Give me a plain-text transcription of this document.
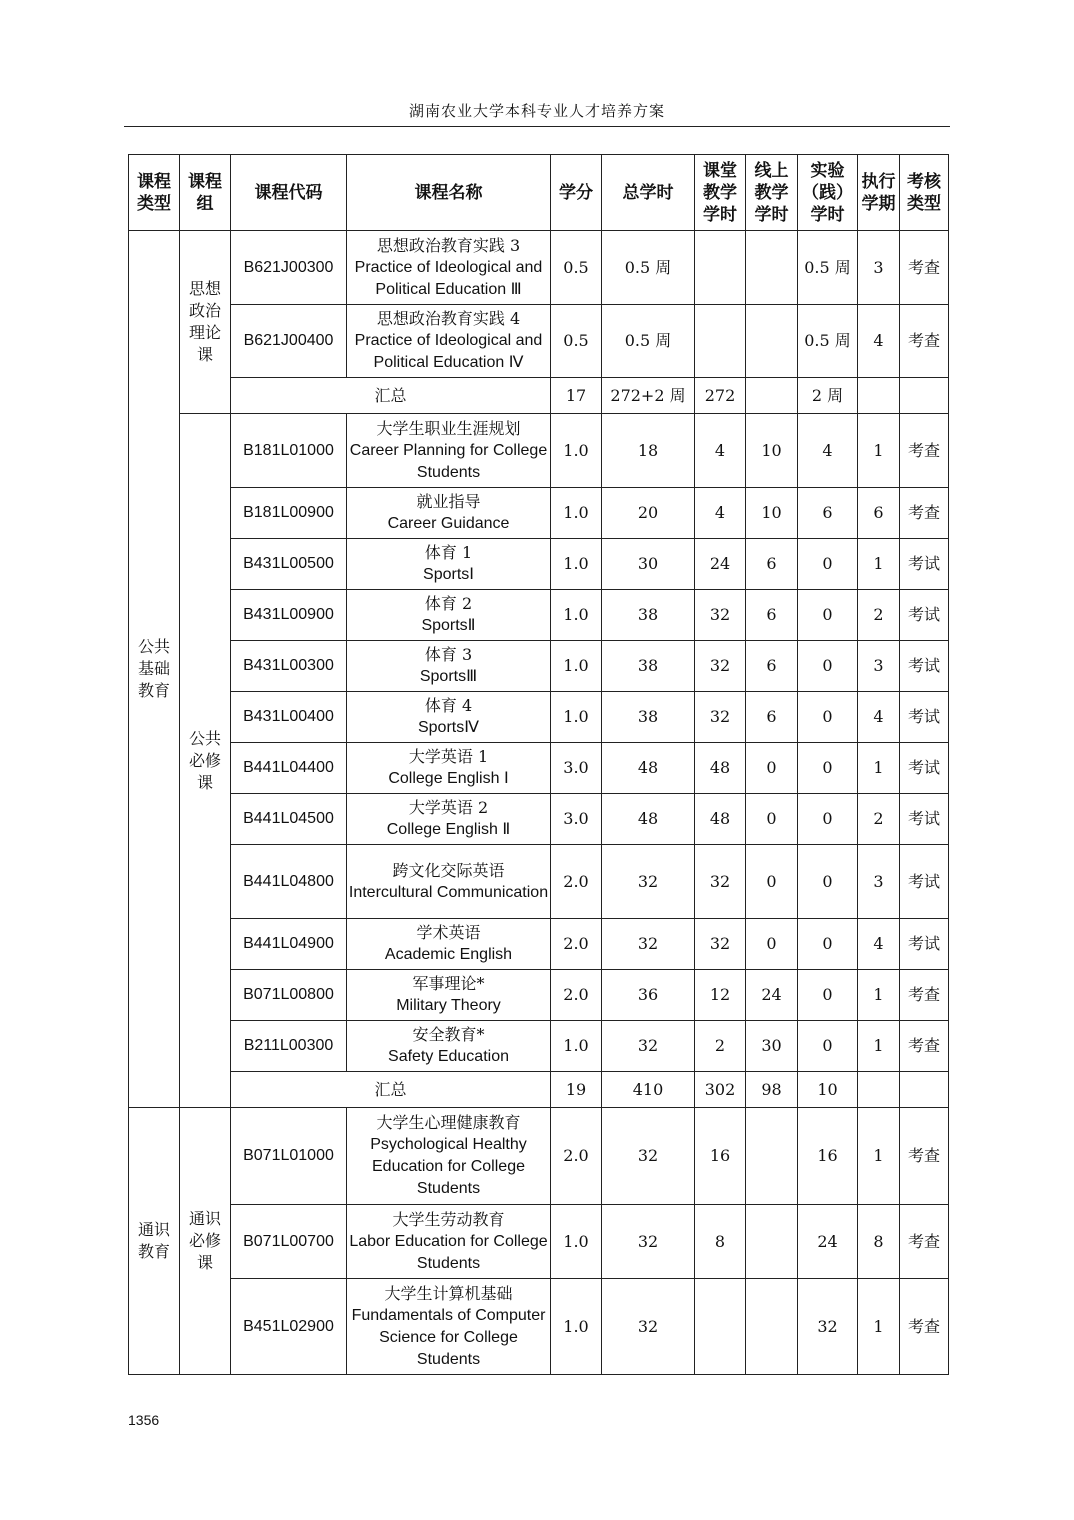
湖南农业大学本科专业人才培养方案
课程
类型	课程
组	课程代码	课程名称	学分	总学时	课堂
教学
学时	线上
教学
学时	实验
（践）
学时	执行
学期	考核
类型
公共
基础
教育	思想
政治
理论
课	B621J00300	思想政治教育实践 3
Practice of Ideological and Political Education Ⅲ	0.5	0.5 周			0.5 周	3	考查
		B621J00400	思想政治教育实践 4
Practice of Ideological and Political Education Ⅳ	0.5	0.5 周			0.5 周	4	考查
		汇总		17	272+2 周	272		2 周		
	公共
必修
课	B181L01000	大学生职业生涯规划
Career Planning for College Students	1.0	18	4	10	4	1	考查
		B181L00900	就业指导
Career Guidance	1.0	20	4	10	6	6	考查
		B431L00500	体育 1
SportsⅠ	1.0	30	24	6	0	1	考试
		B431L00900	体育 2
SportsⅡ	1.0	38	32	6	0	2	考试
		B431L00300	体育 3
SportsⅢ	1.0	38	32	6	0	3	考试
		B431L00400	体育 4
SportsⅣ	1.0	38	32	6	0	4	考试
		B441L04400	大学英语 1
College English Ⅰ	3.0	48	48	0	0	1	考试
		B441L04500	大学英语 2
College English Ⅱ	3.0	48	48	0	0	2	考试
		B441L04800	跨文化交际英语
Intercultural Communication	2.0	32	32	0	0	3	考试
		B441L04900	学术英语
Academic English	2.0	32	32	0	0	4	考试
		B071L00800	军事理论*
Military Theory	2.0	36	12	24	0	1	考查
		B211L00300	安全教育*
Safety Education	1.0	32	2	30	0	1	考查
		汇总		19	410	302	98	10		
通识
教育	通识
必修
课	B071L01000	大学生心理健康教育
Psychological Healthy Education for College Students	2.0	32	16		16	1	考查
		B071L00700	大学生劳动教育
Labor Education for College Students	1.0	32	8		24	8	考查
		B451L02900	大学生计算机基础
Fundamentals of Computer Science for College Students	1.0	32			32	1	考查
1356
